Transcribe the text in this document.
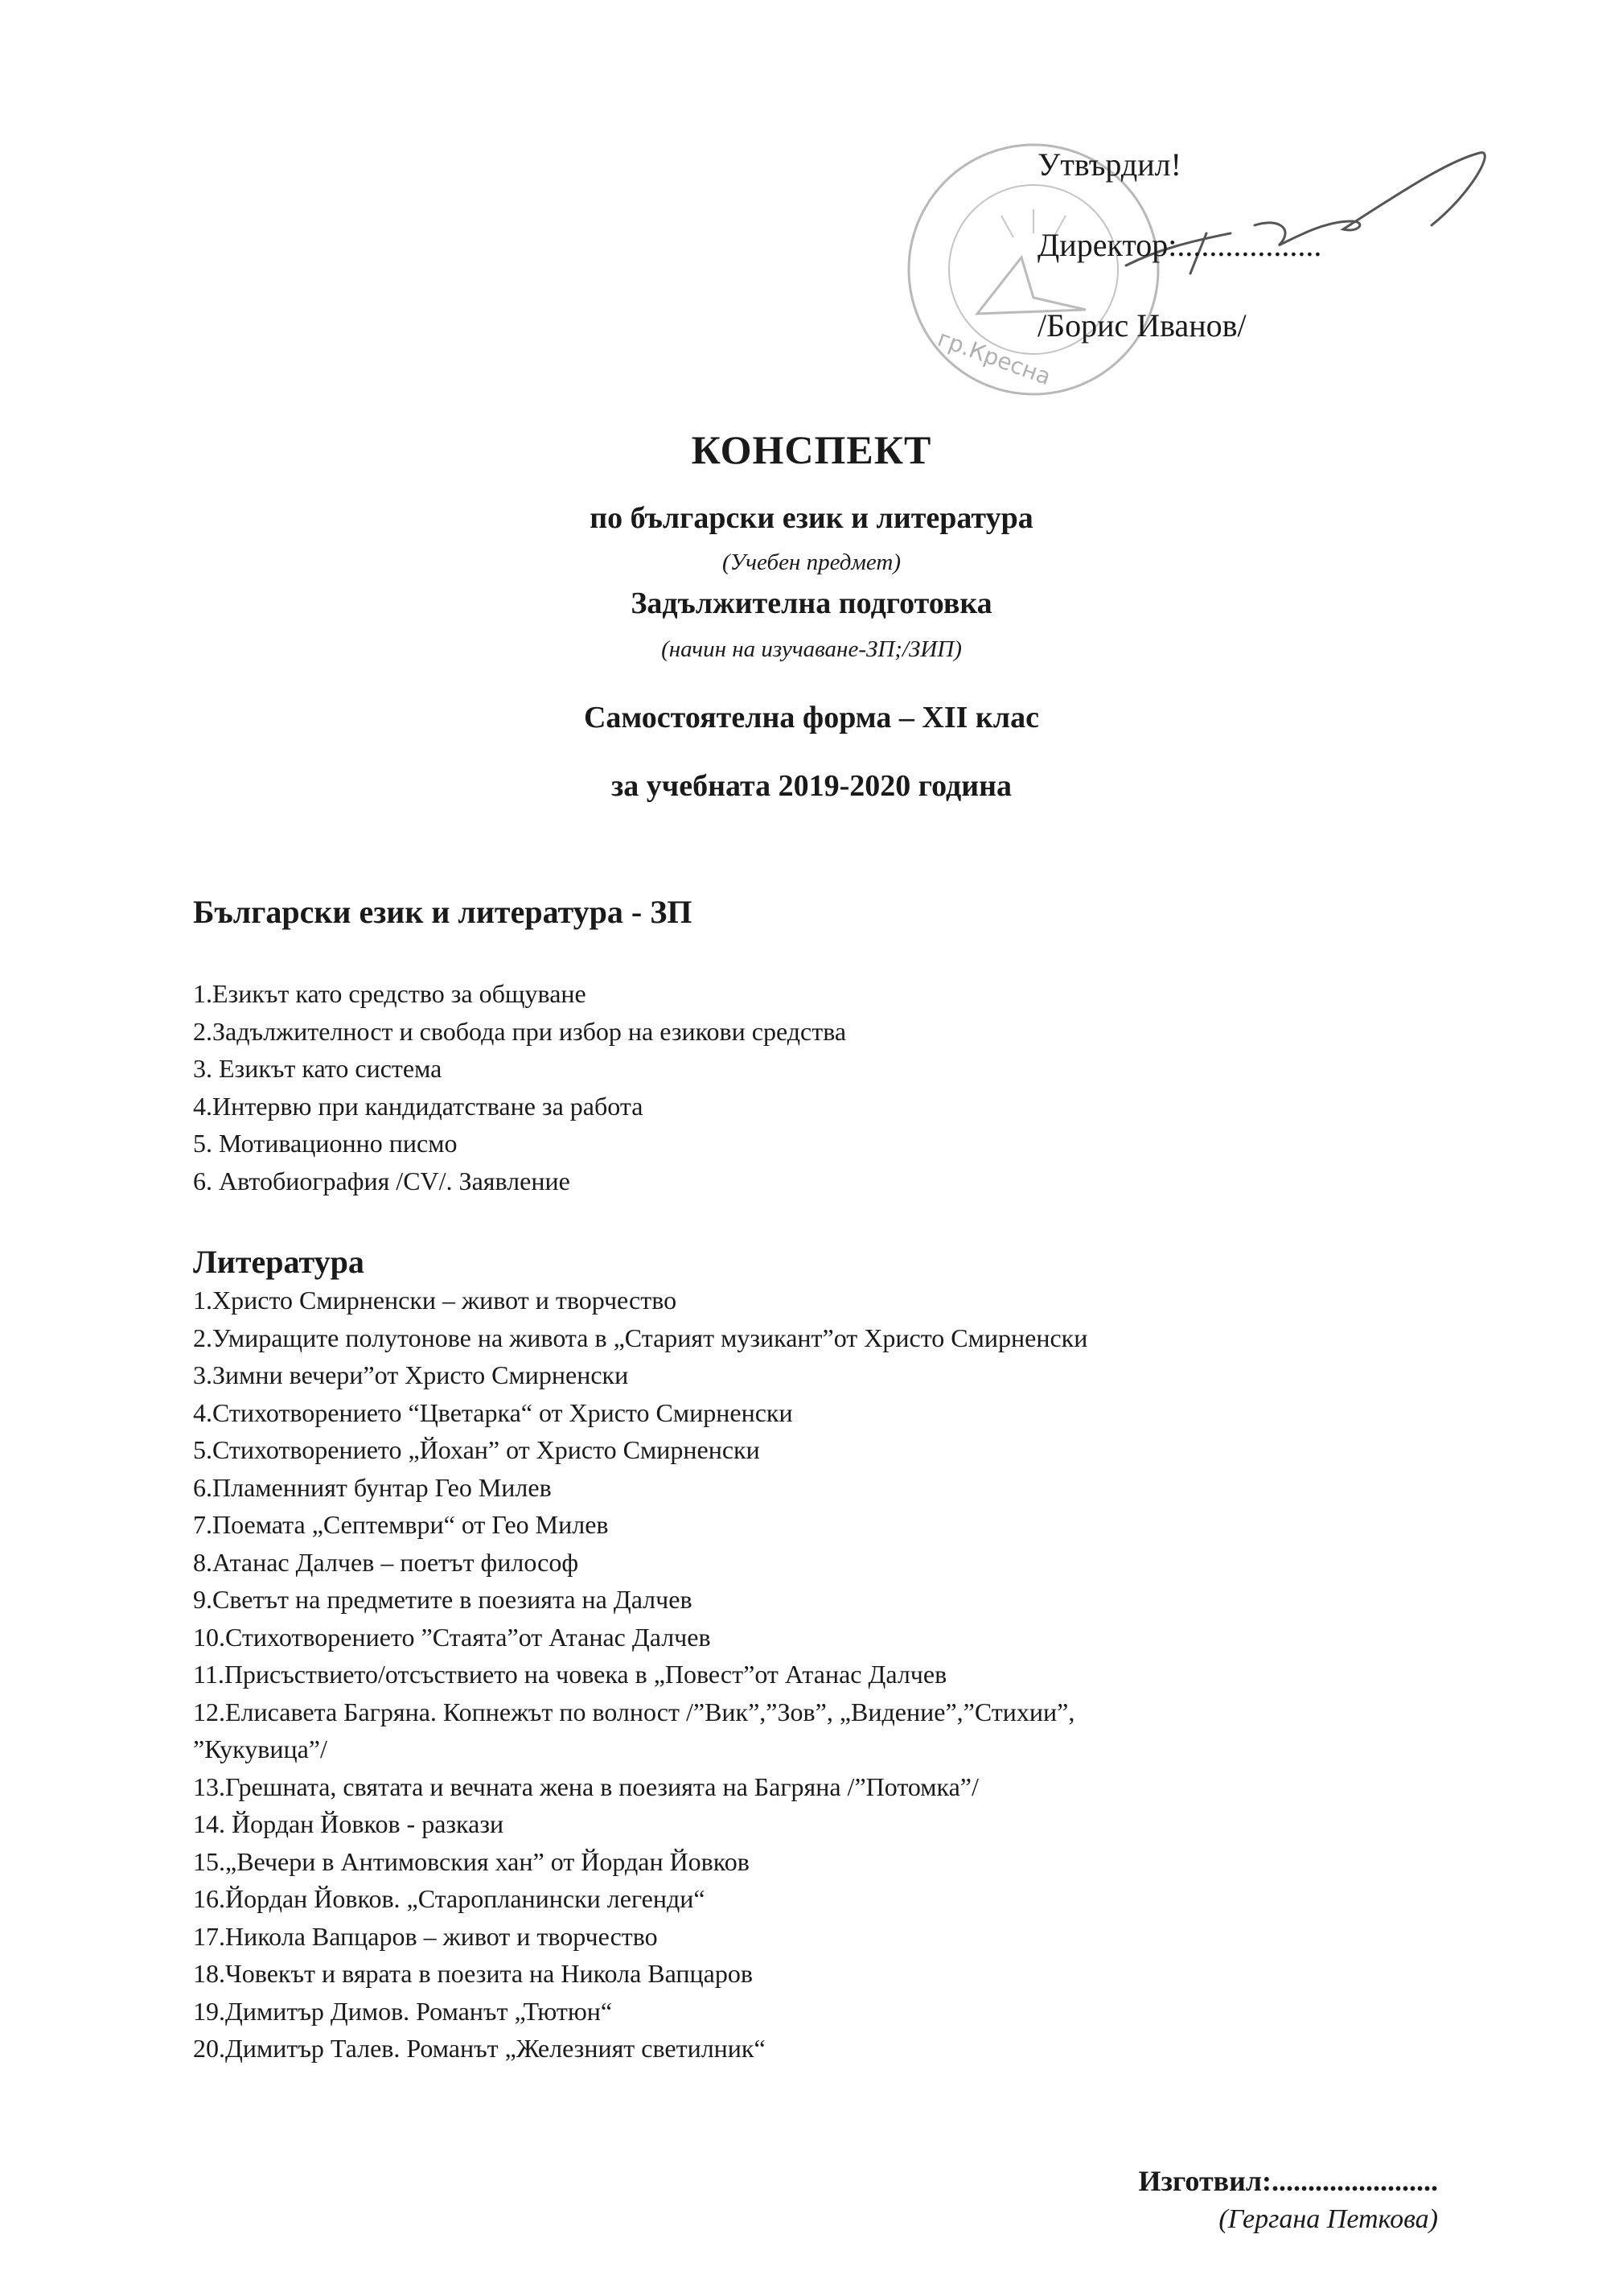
гр.Кресна
Утвърдил!
Директор:..................
/Борис Иванов/
КОНСПЕКТ
по български език и литература
(Учебен предмет)
Задължителна подготовка
(начин на изучаване-ЗП;/ЗИП)
Самостоятелна форма – XII клас
за учебната 2019-2020 година
Български език и литература - ЗП
1.Езикът като средство за общуване
2.Задължителност и свобода при избор на езикови средства
3. Езикът като система
4.Интервю при кандидатстване за работа
5. Мотивационно писмо
6. Автобиография /CV/. Заявление
Литература
1.Христо Смирненски – живот и творчество
2.Умиращите полутонове на живота в „Старият музикант”от Христо Смирненски
3.Зимни вечери”от Христо Смирненски
4.Стихотворението “Цветарка“ от Христо Смирненски
5.Стихотворението „Йохан” от Христо Смирненски
6.Пламенният бунтар Гео Милев
7.Поемата „Септември“ от Гео Милев
8.Атанас Далчев – поетът философ
9.Светът на предметите в поезията на Далчев
10.Стихотворението ”Стаята”от Атанас Далчев
11.Присъствието/отсъствието на човека в „Повест”от Атанас Далчев
12.Елисавета Багряна. Копнежът по волност /”Вик”,”Зов”, „Видение”,”Стихии”,
”Кукувица”/
13.Грешната, святата и вечната жена в поезията на Багряна /”Потомка”/
14. Йордан Йовков - разкази
15.„Вечери в Антимовския хан” от Йордан Йовков
16.Йордан Йовков. „Старопланински легенди“
17.Никола Вапцаров – живот и творчество
18.Човекът и вярата в поезита на Никола Вапцаров
19.Димитър Димов. Романът „Тютюн“
20.Димитър Талев. Романът „Железният светилник“
Изготвил:.......................
(Гергана Петкова)
